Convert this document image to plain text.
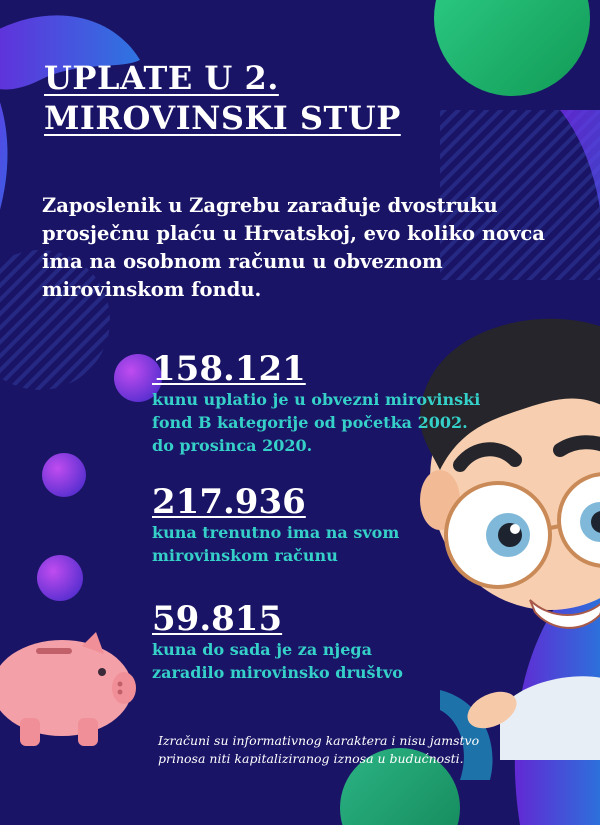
UPLATE U 2.
MIROVINSKI STUP

Zaposlenik u Zagrebu zarađuje dvostruku prosječnu plaću u Hrvatskoj, evo koliko novca ima na osobnom računu u obveznom mirovinskom fondu.

158.121
kunu uplatio je u obvezni mirovinski
fond B kategorije od početka 2002.
do prosinca 2020.
217.936
kuna trenutno ima na svom
mirovinskom računu
59.815
kuna do sada je za njega
zaradilo mirovinsko društvo

Izračuni su informativnog karaktera i nisu jamstvo
prinosa niti kapitaliziranog iznosa u budućnosti.
